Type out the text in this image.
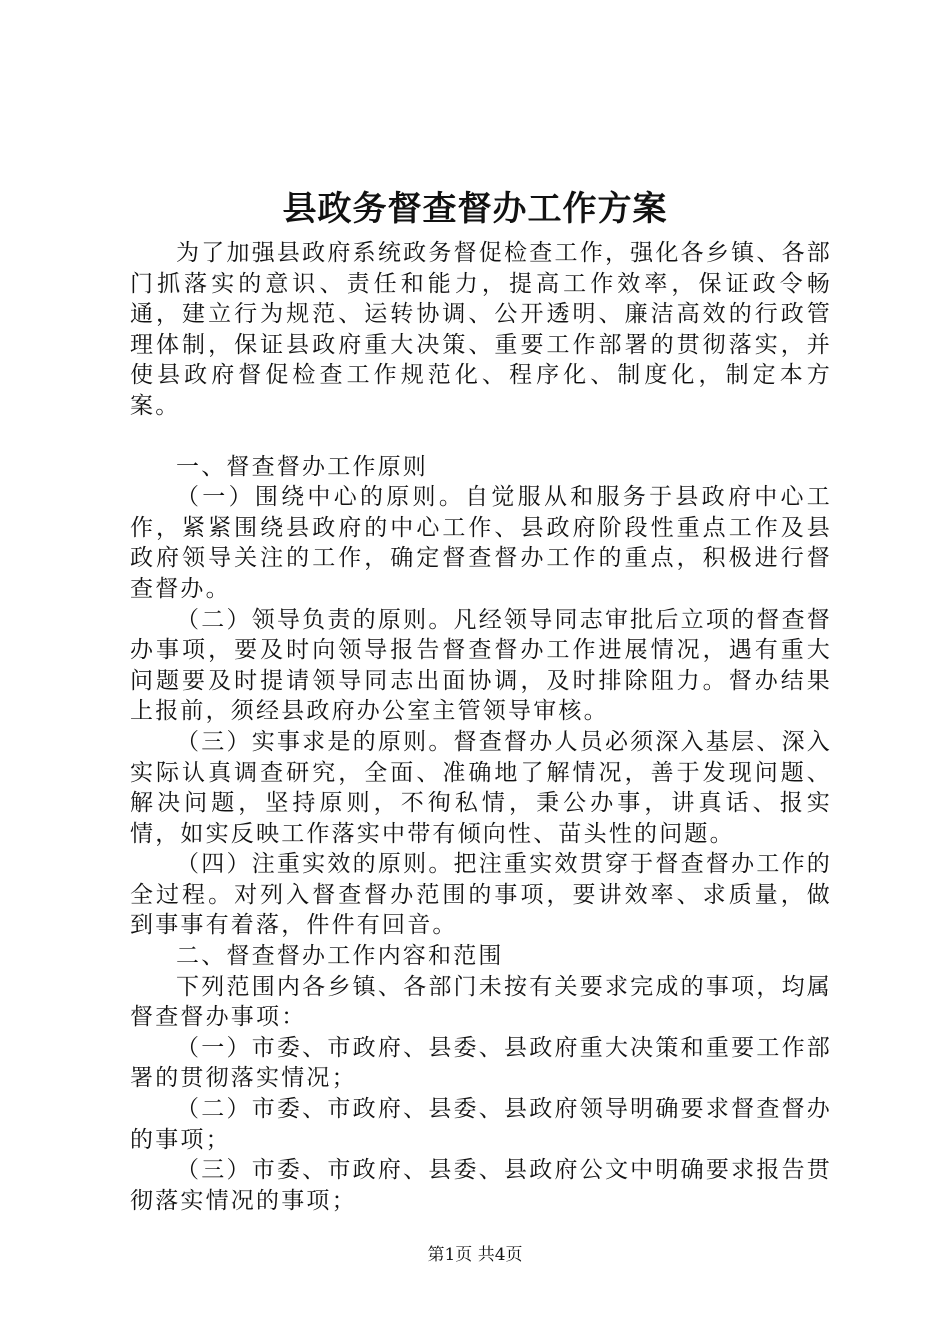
县政务督查督办工作方案

为了加强县政府系统政务督促检查工作，强化各乡镇、各部门抓落实的意识、责任和能力，提高工作效率，保证政令畅通，建立行为规范、运转协调、公开透明、廉洁高效的行政管理体制，保证县政府重大决策、重要工作部署的贯彻落实，并使县政府督促检查工作规范化、程序化、制度化，制定本方案。

一、督查督办工作原则

（一）围绕中心的原则。自觉服从和服务于县政府中心工作，紧紧围绕县政府的中心工作、县政府阶段性重点工作及县政府领导关注的工作，确定督查督办工作的重点，积极进行督查督办。

（二）领导负责的原则。凡经领导同志审批后立项的督查督办事项，要及时向领导报告督查督办工作进展情况，遇有重大问题要及时提请领导同志出面协调，及时排除阻力。督办结果上报前，须经县政府办公室主管领导审核。

（三）实事求是的原则。督查督办人员必须深入基层、深入实际认真调查研究，全面、准确地了解情况，善于发现问题、解决问题，坚持原则，不徇私情，秉公办事，讲真话、报实情，如实反映工作落实中带有倾向性、苗头性的问题。

（四）注重实效的原则。把注重实效贯穿于督查督办工作的全过程。对列入督查督办范围的事项，要讲效率、求质量，做到事事有着落，件件有回音。

二、督查督办工作内容和范围

下列范围内各乡镇、各部门未按有关要求完成的事项，均属督查督办事项：

（一）市委、市政府、县委、县政府重大决策和重要工作部署的贯彻落实情况；

（二）市委、市政府、县委、县政府领导明确要求督查督办的事项；

（三）市委、市政府、县委、县政府公文中明确要求报告贯彻落实情况的事项；

第1页 共4页
